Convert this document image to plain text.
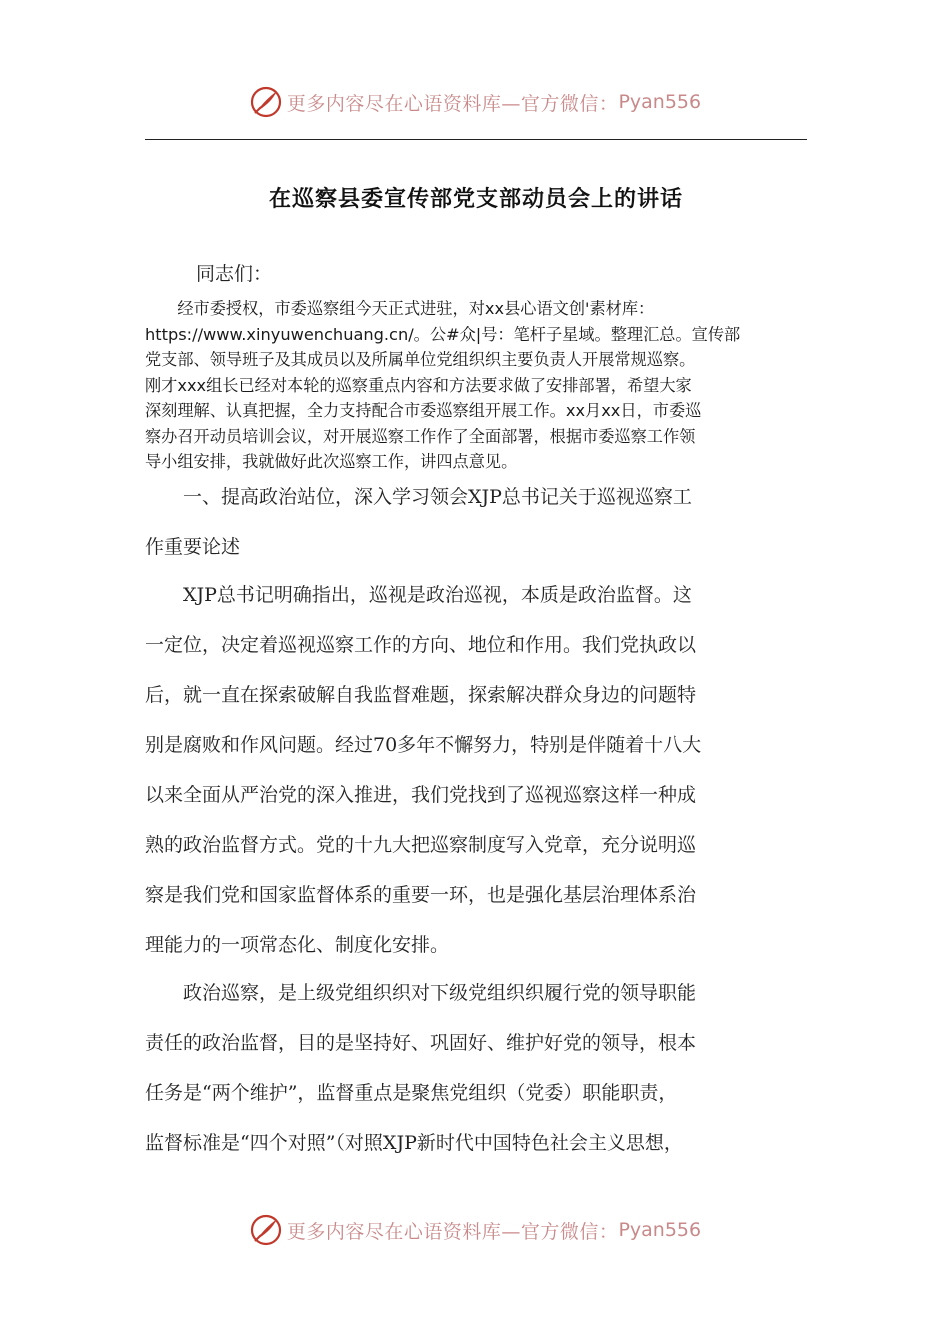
更多内容尽在心语资料库— 官方微信： Pyan556
在巡察县委宣传部党支部动员会上的讲话
同志们：
　　经市委授权，市委巡察组今天正式进驻，对xx县心语文创'素材库：
https://www.xinyuwenchuang.cn/。公#众|号：笔杆子星域。整理汇总。宣传部
党支部、领导班子及其成员以及所属单位党组织织主要负责人开展常规巡察。
刚才xxx组长已经对本轮的巡察重点内容和方法要求做了安排部署，希望大家
深刻理解、认真把握，全力支持配合市委巡察组开展工作。xx月xx日，市委巡
察办召开动员培训会议，对开展巡察工作作了全面部署，根据市委巡察工作领
导小组安排，我就做好此次巡察工作，讲四点意见。
　　一、提高政治站位，深入学习领会XJP总书记关于巡视巡察工
作重要论述
　　XJP总书记明确指出，巡视是政治巡视，本质是政治监督。这
一定位，决定着巡视巡察工作的方向、地位和作用。我们党执政以
后，就一直在探索破解自我监督难题，探索解决群众身边的问题特
别是腐败和作风问题。经过70多年不懈努力，特别是伴随着十八大
以来全面从严治党的深入推进，我们党找到了巡视巡察这样一种成
熟的政治监督方式。党的十九大把巡察制度写入党章，充分说明巡
察是我们党和国家监督体系的重要一环，也是强化基层治理体系治
理能力的一项常态化、制度化安排。
　　政治巡察，是上级党组织织对下级党组织织履行党的领导职能
责任的政治监督，目的是坚持好、巩固好、维护好党的领导，根本
任务是“两个维护”，监督重点是聚焦党组织（党委）职能职责，
监督标准是“四个对照”（对照XJP新时代中国特色社会主义思想，
更多内容尽在心语资料库— 官方微信： Pyan556
